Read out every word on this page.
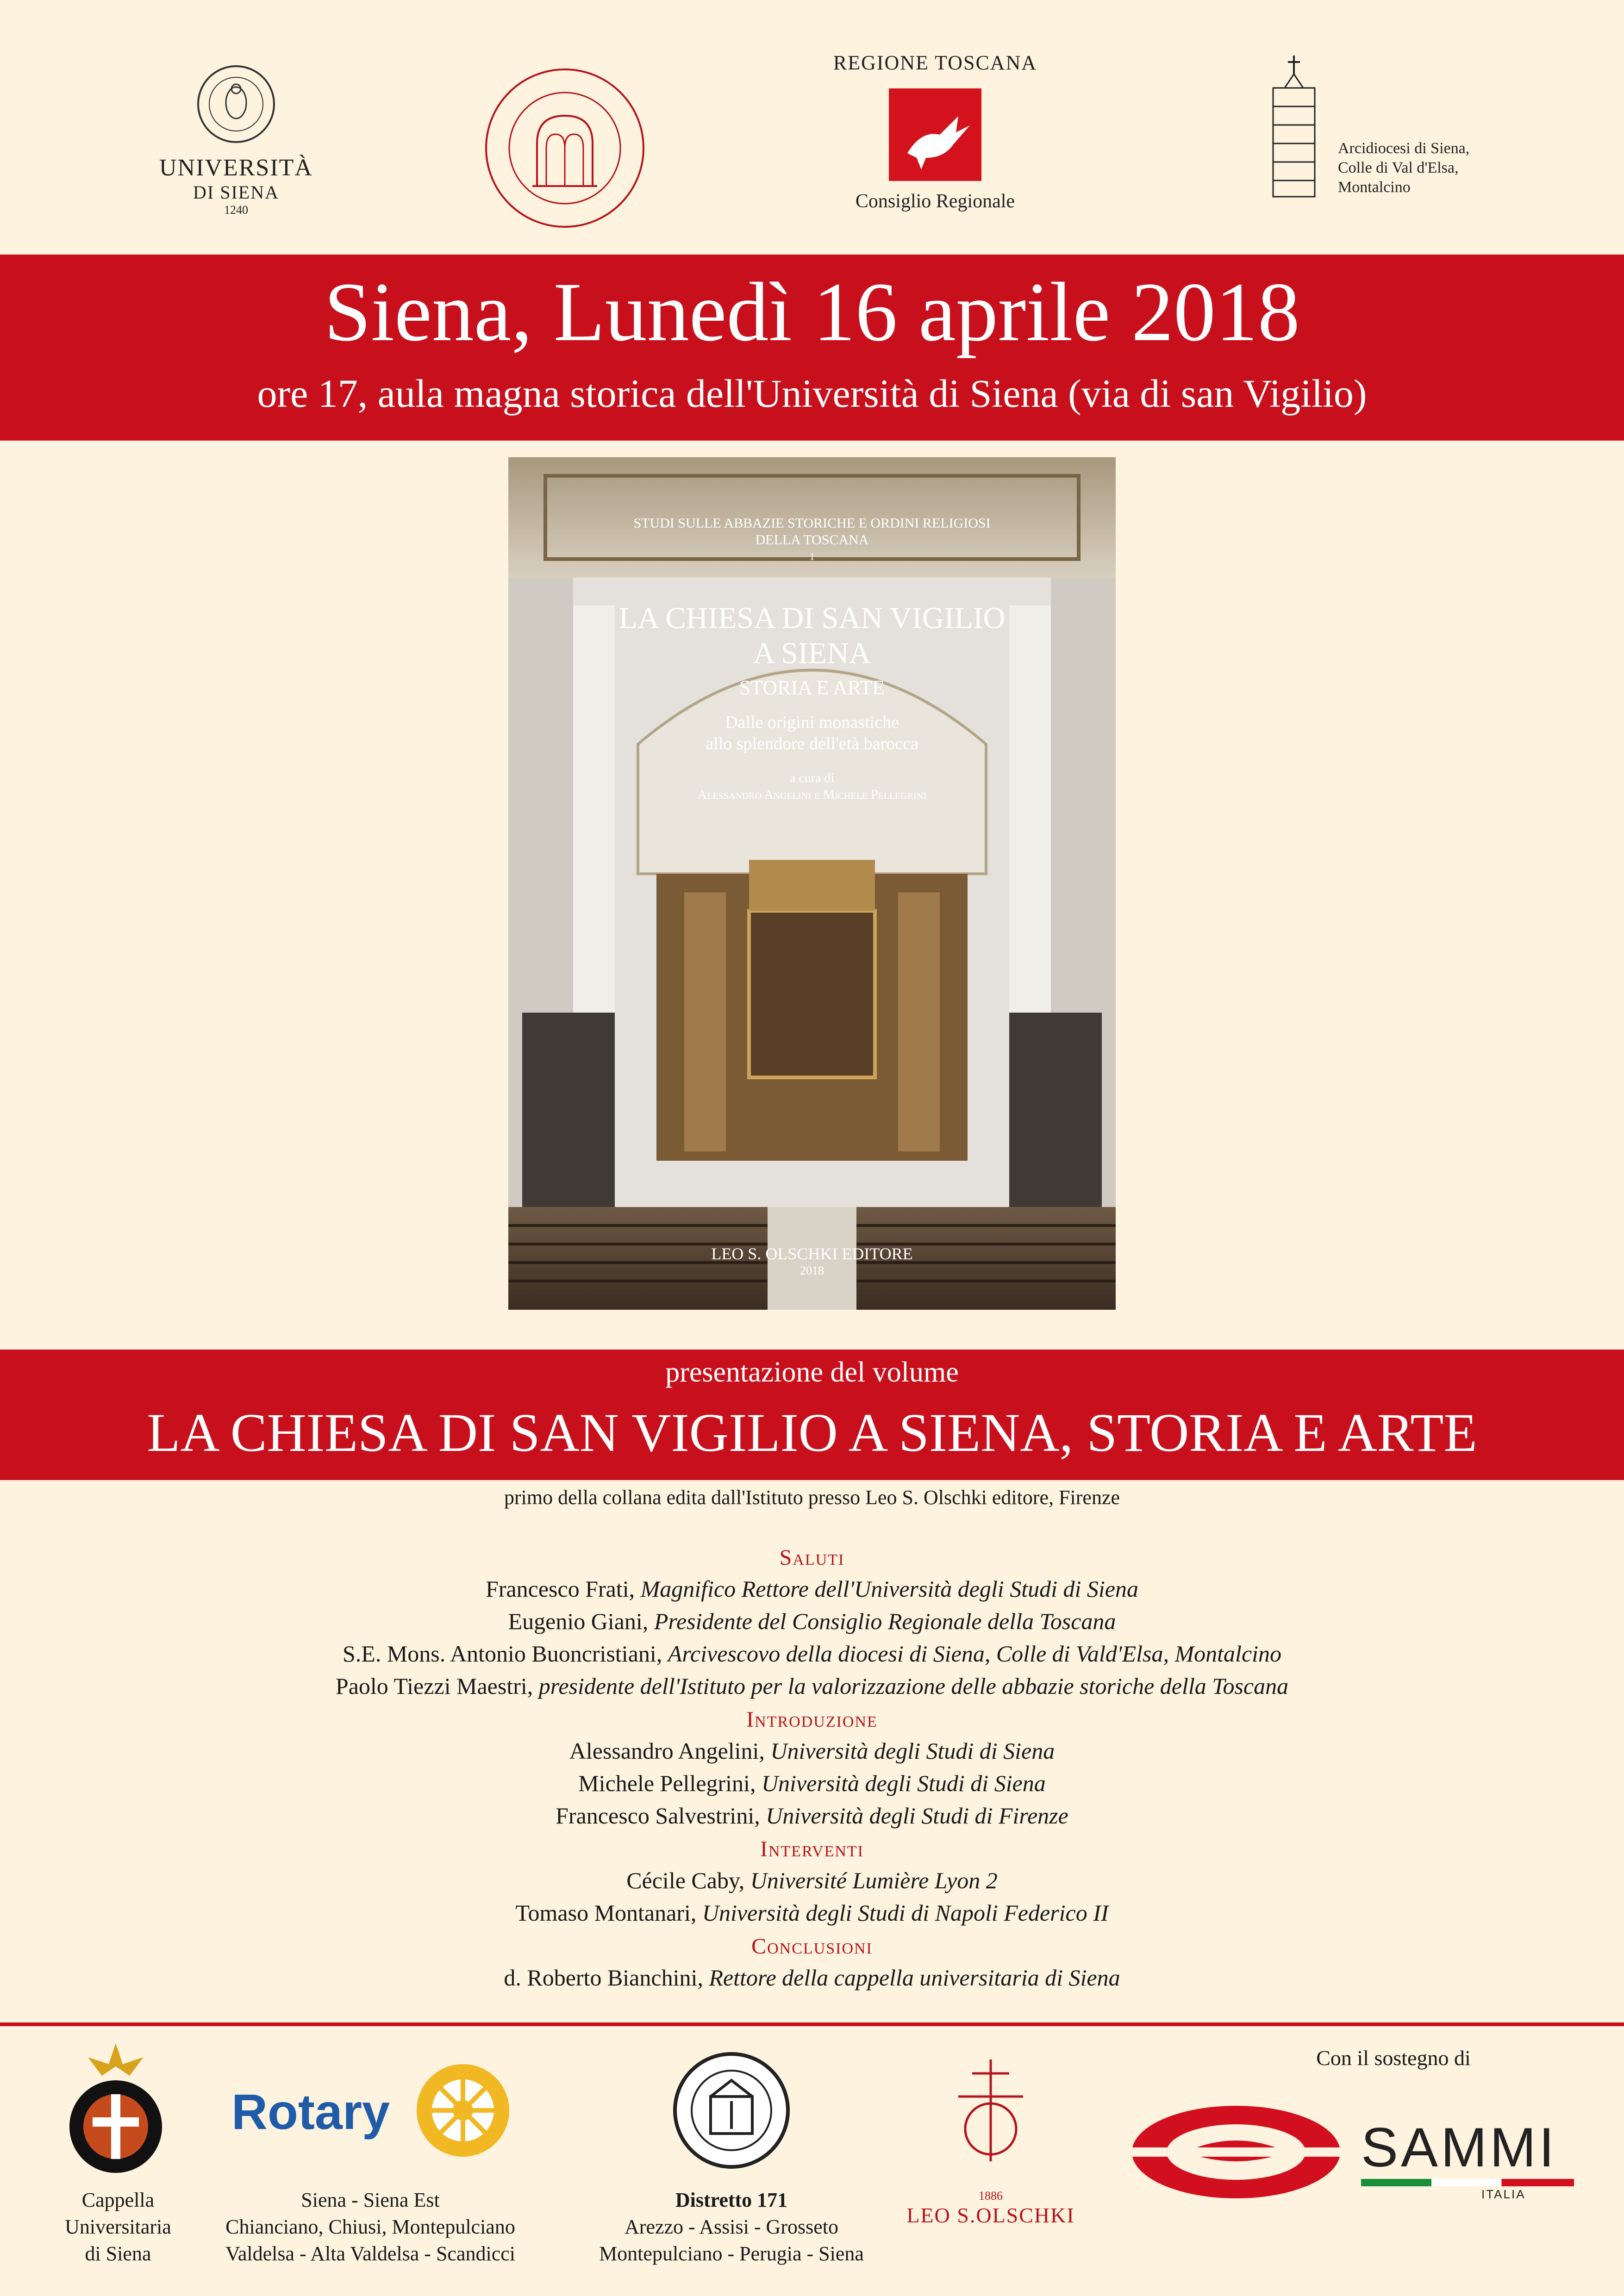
UNIVERSITÀ
DI SIENA
1240
REGIONE TOSCANA
Consiglio Regionale
Arcidiocesi di Siena,
Colle di Val d'Elsa,
Montalcino
Siena, Lunedì 16 aprile 2018
ore 17, aula magna storica dell'Università di Siena (via di san Vigilio)
STUDI SULLE ABBAZIE STORICHE E ORDINI RELIGIOSI
DELLA TOSCANA
1
LA CHIESA DI SAN VIGILIO
A SIENA
STORIA E ARTE
Dalle origini monastiche
allo splendore dell'età barocca
a cura di
Alessandro Angelini e Michele Pellegrini
LEO S. OLSCHKI EDITORE
2018
presentazione del volume
LA CHIESA DI SAN VIGILIO A SIENA, STORIA E ARTE
primo della collana edita dall'Istituto presso Leo S. Olschki editore, Firenze
Saluti
Francesco Frati, Magnifico Rettore dell'Università degli Studi di Siena
Eugenio Giani, Presidente del Consiglio Regionale della Toscana
S.E. Mons. Antonio Buoncristiani, Arcivescovo della diocesi di Siena, Colle di Vald'Elsa, Montalcino
Paolo Tiezzi Maestri, presidente dell'Istituto per la valorizzazione delle abbazie storiche della Toscana
Introduzione
Alessandro Angelini, Università degli Studi di Siena
Michele Pellegrini, Università degli Studi di Siena
Francesco Salvestrini, Università degli Studi di Firenze
Interventi
Cécile Caby, Université Lumière Lyon 2
Tomaso Montanari, Università degli Studi di Napoli Federico II
Conclusioni
d. Roberto Bianchini, Rettore della cappella universitaria di Siena
Cappella
Universitaria
di Siena
Rotary
Siena - Siena Est
Chianciano, Chiusi, Montepulciano
Valdelsa - Alta Valdelsa - Scandicci
Distretto 171
Arezzo - Assisi - Grosseto
Montepulciano - Perugia - Siena
1886
LEO S.OLSCHKI
Con il sostegno di
SAMMI
ITALIA
